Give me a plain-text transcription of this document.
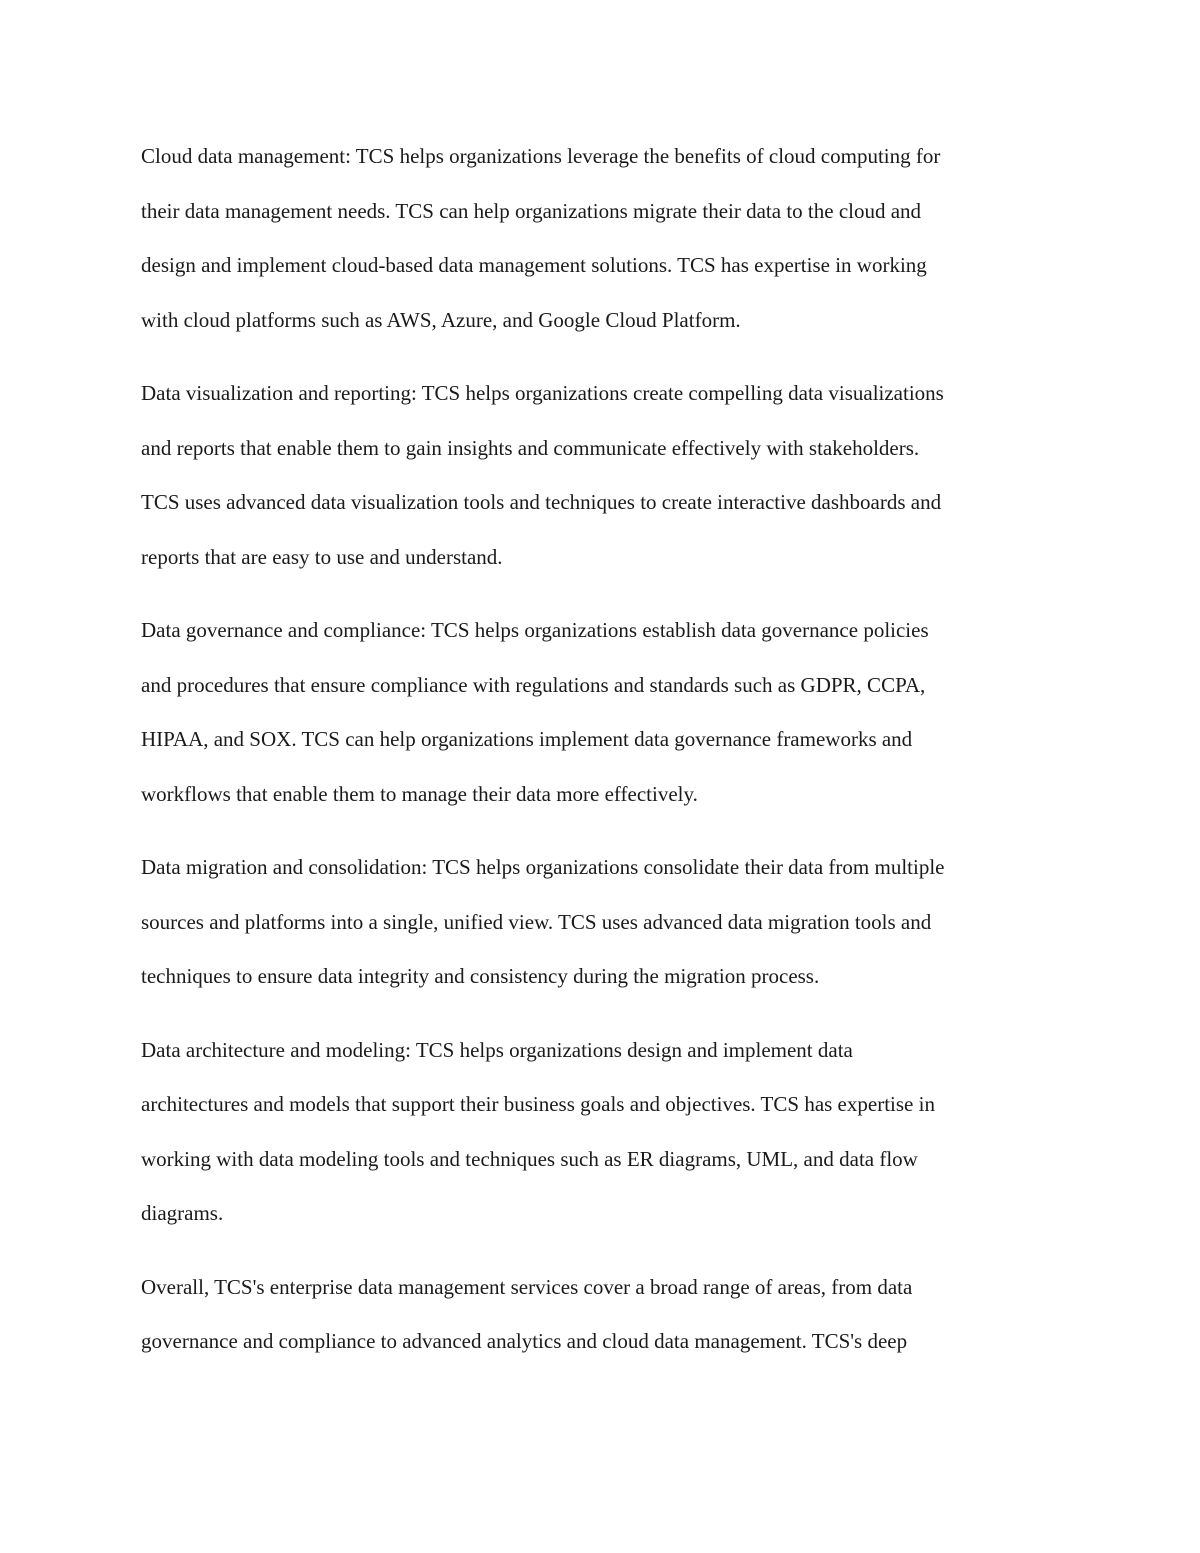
Cloud data management: TCS helps organizations leverage the benefits of cloud computing for
their data management needs. TCS can help organizations migrate their data to the cloud and
design and implement cloud-based data management solutions. TCS has expertise in working
with cloud platforms such as AWS, Azure, and Google Cloud Platform.

Data visualization and reporting: TCS helps organizations create compelling data visualizations
and reports that enable them to gain insights and communicate effectively with stakeholders.
TCS uses advanced data visualization tools and techniques to create interactive dashboards and
reports that are easy to use and understand.

Data governance and compliance: TCS helps organizations establish data governance policies
and procedures that ensure compliance with regulations and standards such as GDPR, CCPA,
HIPAA, and SOX. TCS can help organizations implement data governance frameworks and
workflows that enable them to manage their data more effectively.

Data migration and consolidation: TCS helps organizations consolidate their data from multiple
sources and platforms into a single, unified view. TCS uses advanced data migration tools and
techniques to ensure data integrity and consistency during the migration process.

Data architecture and modeling: TCS helps organizations design and implement data
architectures and models that support their business goals and objectives. TCS has expertise in
working with data modeling tools and techniques such as ER diagrams, UML, and data flow
diagrams.

Overall, TCS's enterprise data management services cover a broad range of areas, from data
governance and compliance to advanced analytics and cloud data management. TCS's deep
